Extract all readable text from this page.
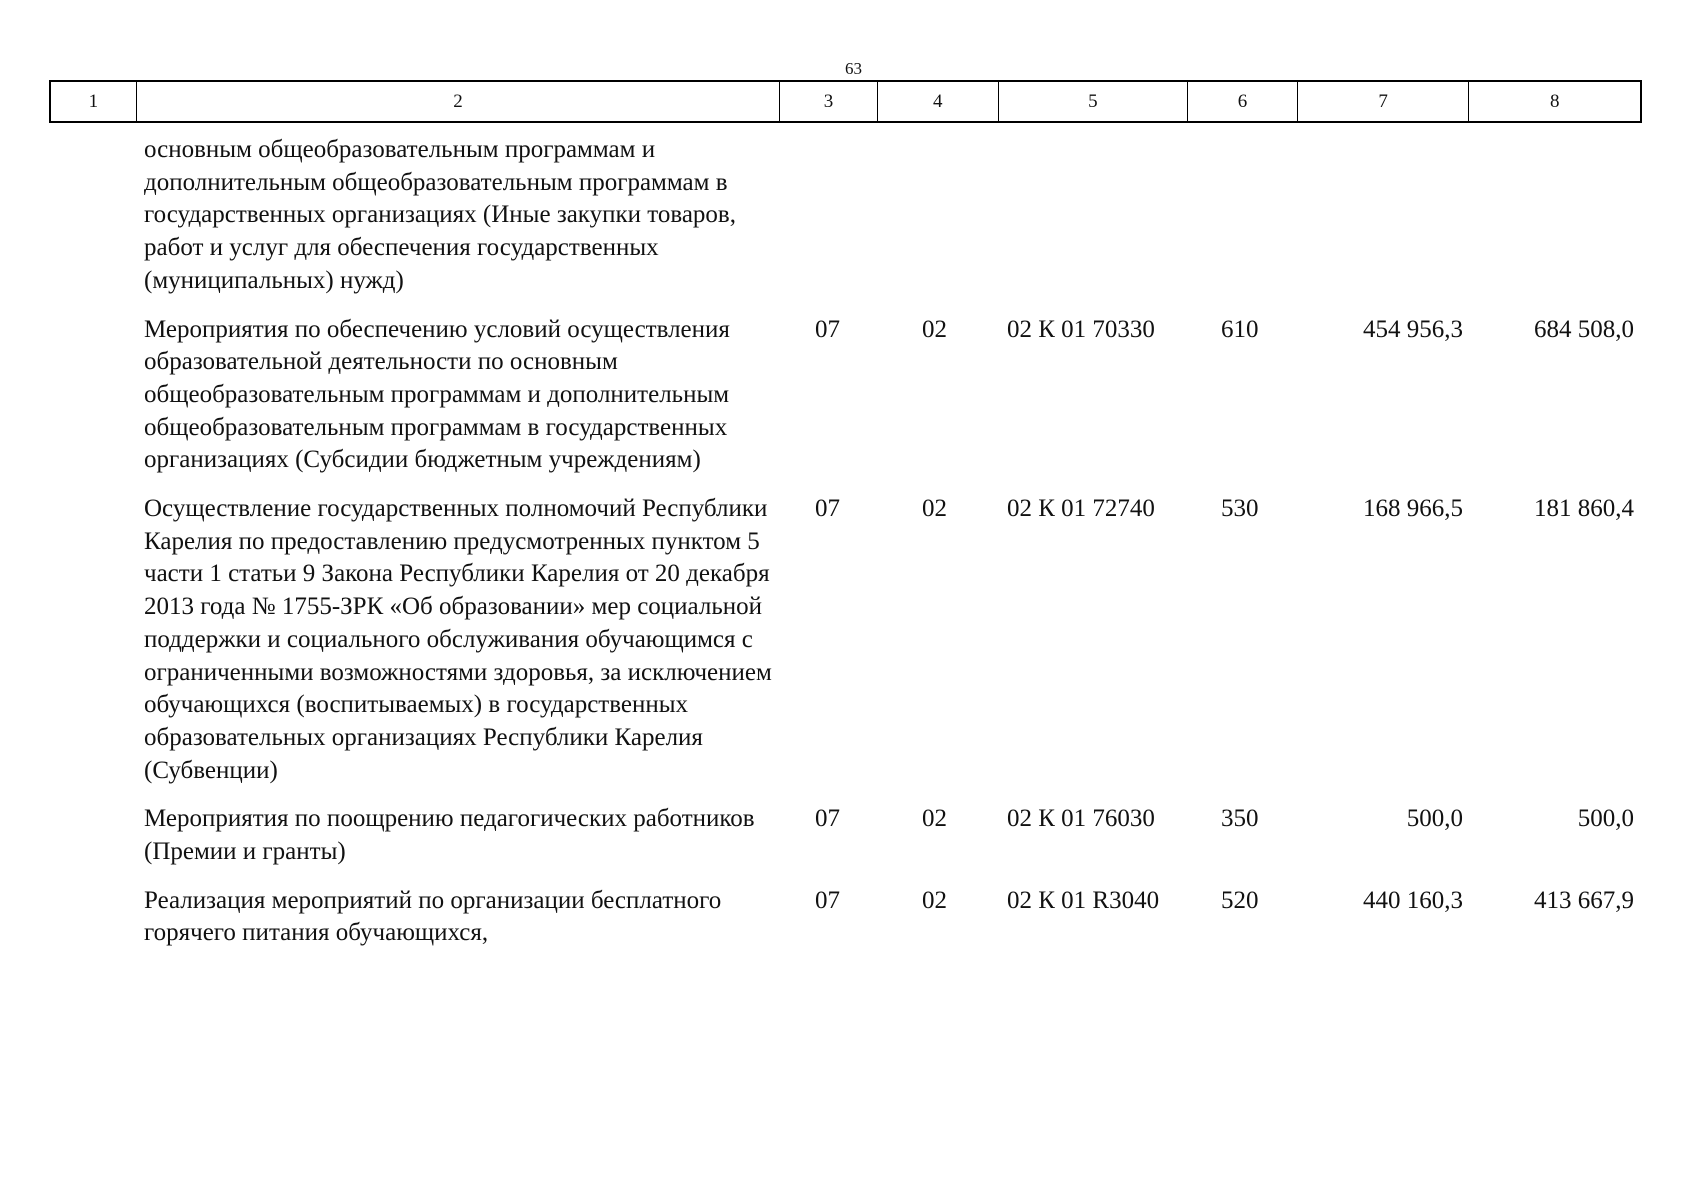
63
1	2	3	4	5	6	7	8
основным общеобразовательным программам и дополнительным общеобразовательным программам в государственных организациях (Иные закупки товаров, работ и услуг для обеспечения государственных (муниципальных) нужд)
Мероприятия по обеспечению условий осуществления образовательной деятельности по основным общеобразовательным программам и дополнительным общеобразовательным программам в государственных организациях (Субсидии бюджетным учреждениям)
07	02	02 К 01 70330	610	454 956,3	684 508,0
Осуществление государственных полномочий Республики Карелия по предоставлению предусмотренных пунктом 5 части 1 статьи 9 Закона Республики Карелия от 20 декабря 2013 года № 1755-ЗРК «Об образовании» мер социальной поддержки и социального обслуживания обучающимся с ограниченными возможностями здоровья, за исключением обучающихся (воспитываемых) в государственных образовательных организациях Республики Карелия (Субвенции)
07	02	02 К 01 72740	530	168 966,5	181 860,4
Мероприятия по поощрению педагогических работников (Премии и гранты)
07	02	02 К 01 76030	350	500,0	500,0
Реализация мероприятий по организации бесплатного горячего питания обучающихся,
07	02	02 К 01 R3040	520	440 160,3	413 667,9
